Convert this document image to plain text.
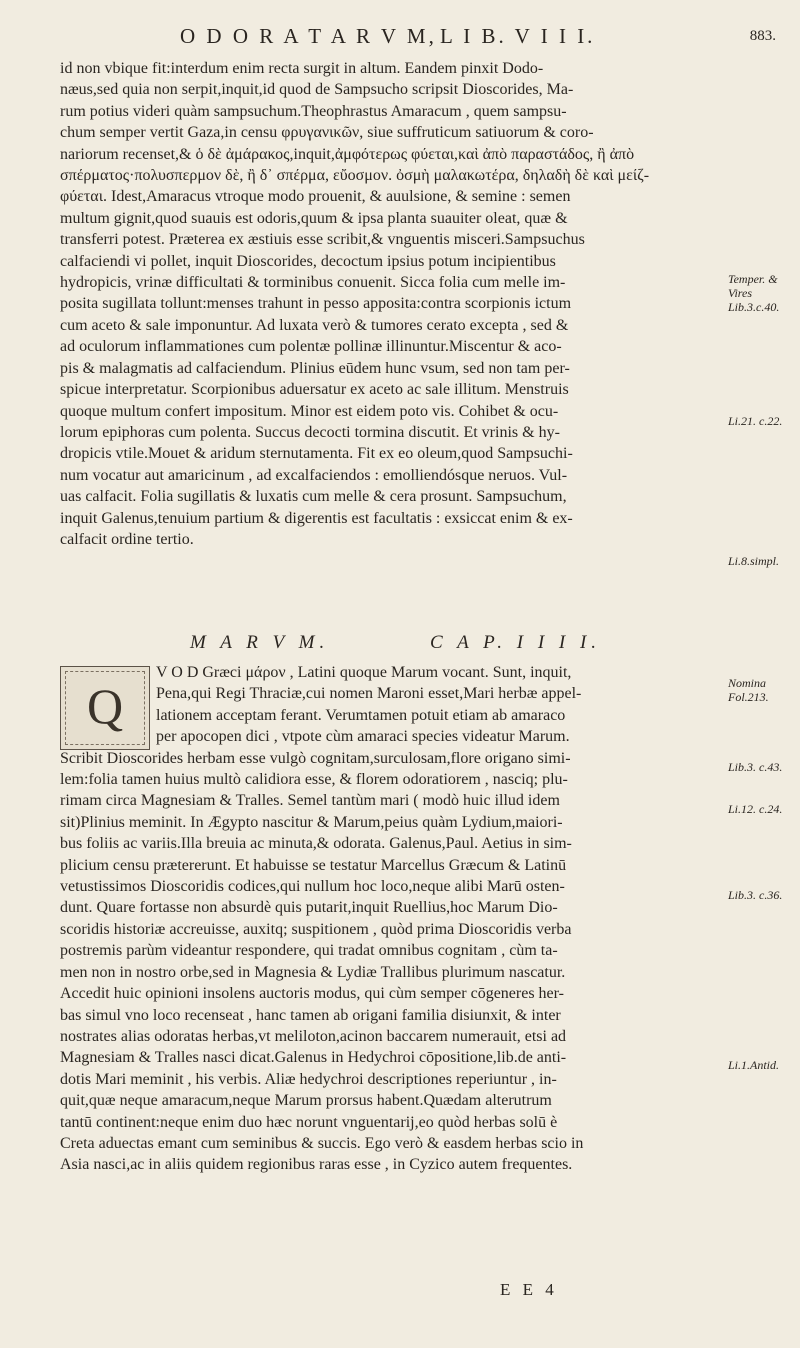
O D O R A T A R V M, L I B. V I I I.	883.
id non vbique fit:interdum enim recta surgit in altum. Eandem pinxit Dodo-
næus,sed quia non serpit,inquit,id quod de Sampsucho scripsit Dioscorides, Ma-
rum potius videri quàm sampsuchum.Theophrastus Amaracum , quem sampsu-
chum semper vertit Gaza,in censu φρυγανικῶν, siue suffruticum satiuorum & coro-
nariorum recenset,& ὁ δὲ ἀμάρακος,inquit,ἀμφότερως φύεται,καὶ ἀπὸ παραστάδος, ἢ ἀπὸ
σπέρματος·πολυσπερμον δὲ, ἢ δ᾽ σπέρμα, εὔοσμον. ὀσμὴ μαλακωτέρα, δηλαδὴ δὲ καὶ μείζ-
φύεται. Idest,Amaracus vtroque modo prouenit, & auulsione, & semine : semen
multum gignit,quod suauis est odoris,quum & ipsa planta suauiter oleat, quæ &
transferri potest. Præterea ex æstiuis esse scribit,& vnguentis misceri.Sampsuchus
calfaciendi vi pollet, inquit Dioscorides, decoctum ipsius potum incipientibus
hydropicis, vrinæ difficultati & torminibus conuenit. Sicca folia cum melle im-
posita sugillata tollunt:menses trahunt in pesso apposita:contra scorpionis ictum
cum aceto & sale imponuntur. Ad luxata verò & tumores cerato excepta , sed &
ad oculorum inflammationes cum polentæ pollinæ illinuntur.Miscentur & aco-
pis & malagmatis ad calfaciendum. Plinius eūdem hunc vsum, sed non tam per-
spicue interpretatur. Scorpionibus aduersatur ex aceto ac sale illitum. Menstruis
quoque multum confert impositum. Minor est eidem poto vis. Cohibet & ocu-
lorum epiphoras cum polenta. Succus decocti tormina discutit. Et vrinis & hy-
dropicis vtile.Mouet & aridum sternutamenta. Fit ex eo oleum,quod Sampsuchi-
num vocatur aut amaricinum , ad excalfaciendos : emolliendósque neruos. Vul-
uas calfacit. Folia sugillatis & luxatis cum melle & cera prosunt. Sampsuchum,
inquit Galenus,tenuium partium & digerentis est facultatis : exsiccat enim & ex-
calfacit ordine tertio.
M A R V M.	C A P. I I I I.
Q
V O D Græci μάρον , Latini quoque Marum vocant. Sunt, inquit,
Pena,qui Regi Thraciæ,cui nomen Maroni esset,Mari herbæ appel-
lationem acceptam ferant. Verumtamen potuit etiam ab amaraco
per apocopen dici , vtpote cùm amaraci species videatur Marum.
Scribit Dioscorides herbam esse vulgò cognitam,surculosam,flore origano simi-
lem:folia tamen huius multò calidiora esse, & florem odoratiorem , nasciq; plu-
rimam circa Magnesiam & Tralles. Semel tantùm mari ( modò huic illud idem
sit)Plinius meminit. In Ægypto nascitur & Marum,peius quàm Lydium,maiori-
bus foliis ac variis.Illa breuia ac minuta,& odorata. Galenus,Paul. Aetius in sim-
plicium censu prætererunt. Et habuisse se testatur Marcellus Græcum & Latinū
vetustissimos Dioscoridis codices,qui nullum hoc loco,neque alibi Marū osten-
dunt. Quare fortasse non absurdè quis putarit,inquit Ruellius,hoc Marum Dio-
scoridis historiæ accreuisse, auxitq; suspitionem , quòd prima Dioscoridis verba
postremis parùm videantur respondere, qui tradat omnibus cognitam , cùm ta-
men non in nostro orbe,sed in Magnesia & Lydiæ Trallibus plurimum nascatur.
Accedit huic opinioni insolens auctoris modus, qui cùm semper cōgeneres her-
bas simul vno loco recenseat , hanc tamen ab origani familia disiunxit, & inter
nostrates alias odoratas herbas,vt meliloton,acinon baccarem numerauit, etsi ad
Magnesiam & Tralles nasci dicat.Galenus in Hedychroi cōpositione,lib.de anti-
dotis Mari meminit , his verbis. Aliæ hedychroi descriptiones reperiuntur , in-
quit,quæ neque amaracum,neque Marum prorsus habent.Quædam alterutrum
tantū continent:neque enim duo hæc norunt vnguentarij,eo quòd herbas solū è
Creta aduectas emant cum seminibus & succis. Ego verò & easdem herbas scio in
Asia nasci,ac in aliis quidem regionibus raras esse , in Cyzico autem frequentes.
Temper. & Vires Lib.3.c.40.
Li.21. c.22.
Li.8.simpl.
Nomina Fol.213.
Lib.3. c.43.
Li.12. c.24.
Lib.3. c.36.
Li.1.Antid.
E E 4
